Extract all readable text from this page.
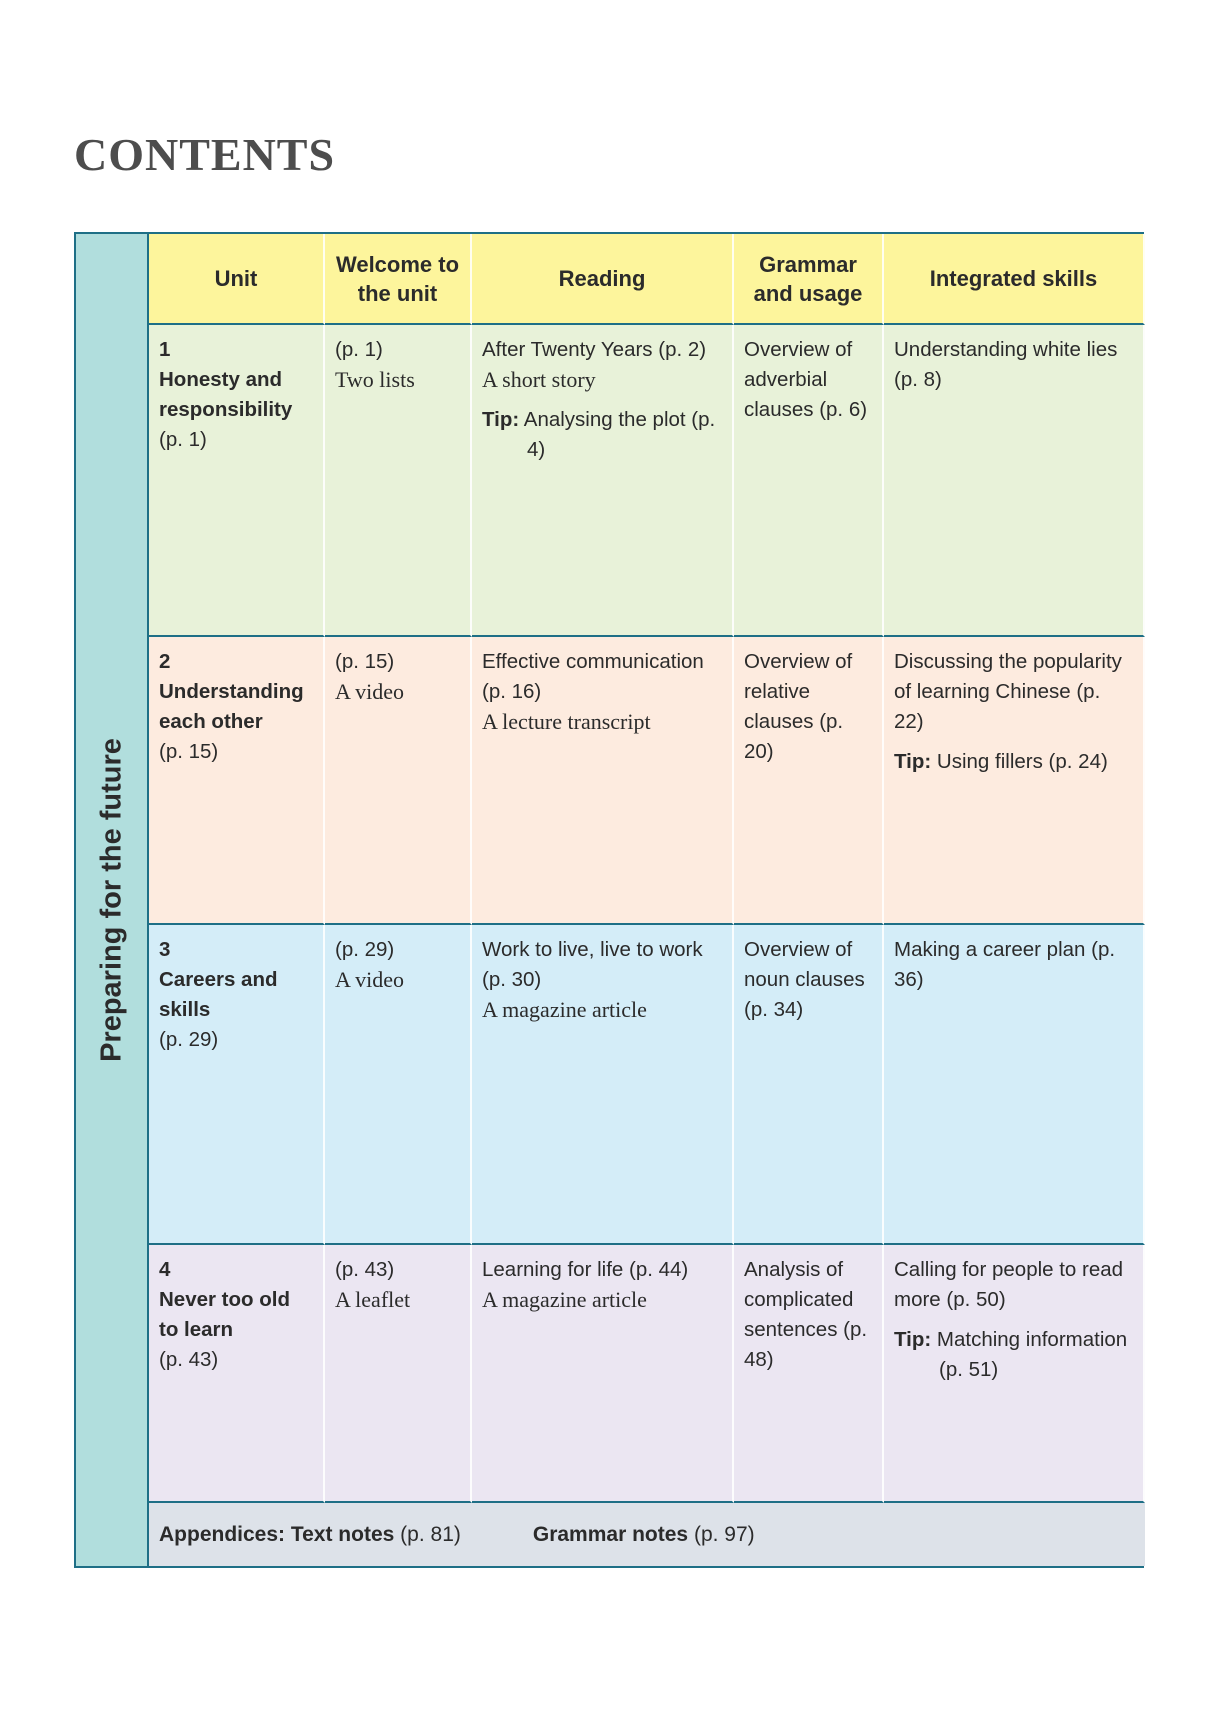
CONTENTS
Preparing for the future
Unit
Welcome to the unit
Reading
Grammar and usage
Integrated skills
1
Honesty and
responsibility
(p. 1)
(p. 1)
Two lists
After Twenty Years (p. 2)
A short story
Tip: Analysing the plot (p. 4)
Overview of adverbial clauses (p. 6)
Understanding white lies (p. 8)
2
Understanding
each other
(p. 15)
(p. 15)
A video
Effective communication (p. 16)
A lecture transcript
Overview of relative clauses (p. 20)
Discussing the popularity of learning Chinese (p. 22)
Tip: Using fillers (p. 24)
3
Careers and
skills
(p. 29)
(p. 29)
A video
Work to live, live to work (p. 30)
A magazine article
Overview of noun clauses (p. 34)
Making a career plan (p. 36)
4
Never too old
to learn
(p. 43)
(p. 43)
A leaflet
Learning for life (p. 44)
A magazine article
Analysis of complicated sentences (p. 48)
Calling for people to read more (p. 50)
Tip: Matching information (p. 51)
Appendices: Text notes
(p. 81)	Grammar notes
(p. 97)
